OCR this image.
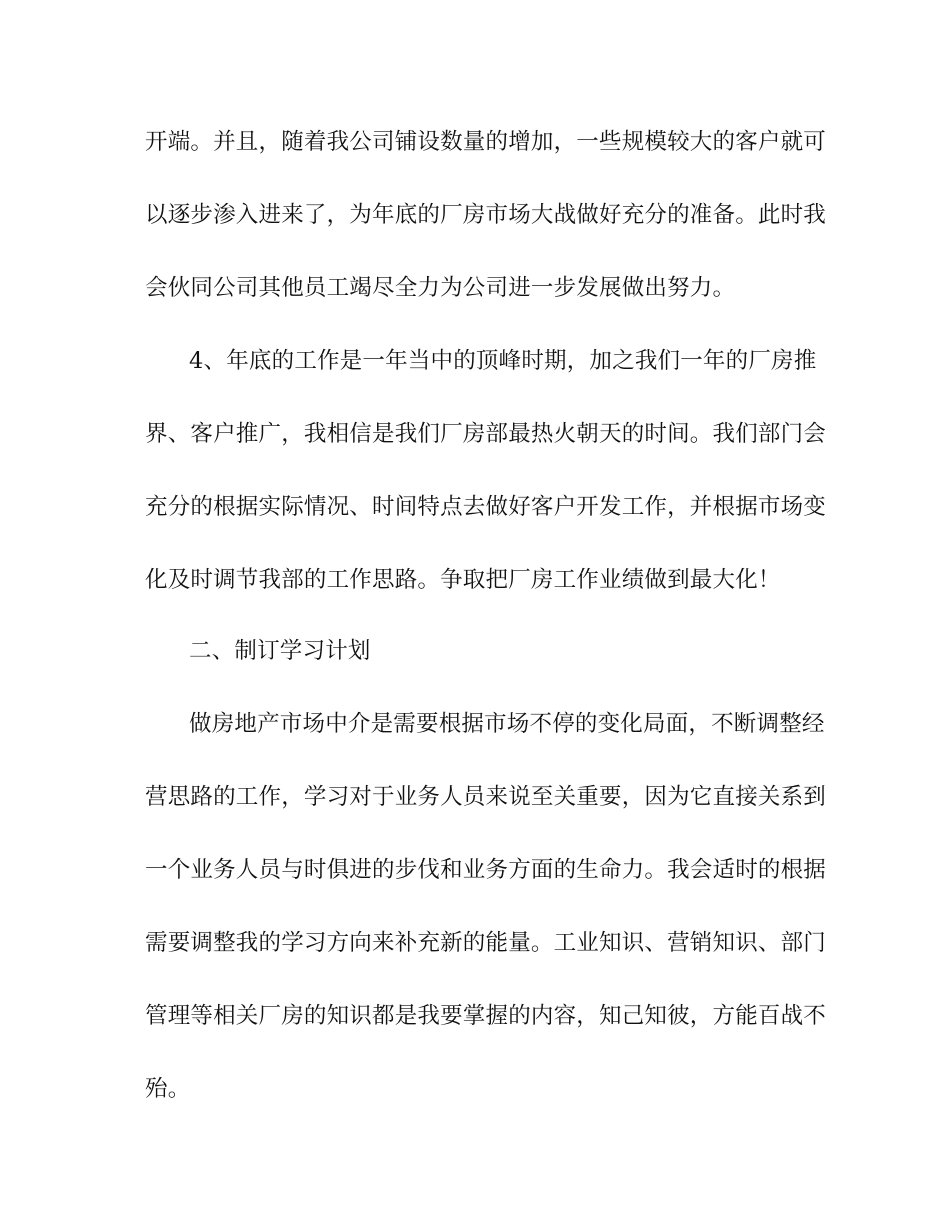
开端。并且，随着我公司铺设数量的增加，一些规模较大的客户就可
以逐步渗入进来了，为年底的厂房市场大战做好充分的准备。此时我
会伙同公司其他员工竭尽全力为公司进一步发展做出努力。
4、年底的工作是一年当中的顶峰时期，加之我们一年的厂房推
界、客户推广，我相信是我们厂房部最热火朝天的时间。我们部门会
充分的根据实际情况、时间特点去做好客户开发工作，并根据市场变
化及时调节我部的工作思路。争取把厂房工作业绩做到最大化！
二、制订学习计划
做房地产市场中介是需要根据市场不停的变化局面，不断调整经
营思路的工作，学习对于业务人员来说至关重要，因为它直接关系到
一个业务人员与时俱进的步伐和业务方面的生命力。我会适时的根据
需要调整我的学习方向来补充新的能量。工业知识、营销知识、部门
管理等相关厂房的知识都是我要掌握的内容，知己知彼，方能百战不
殆。
